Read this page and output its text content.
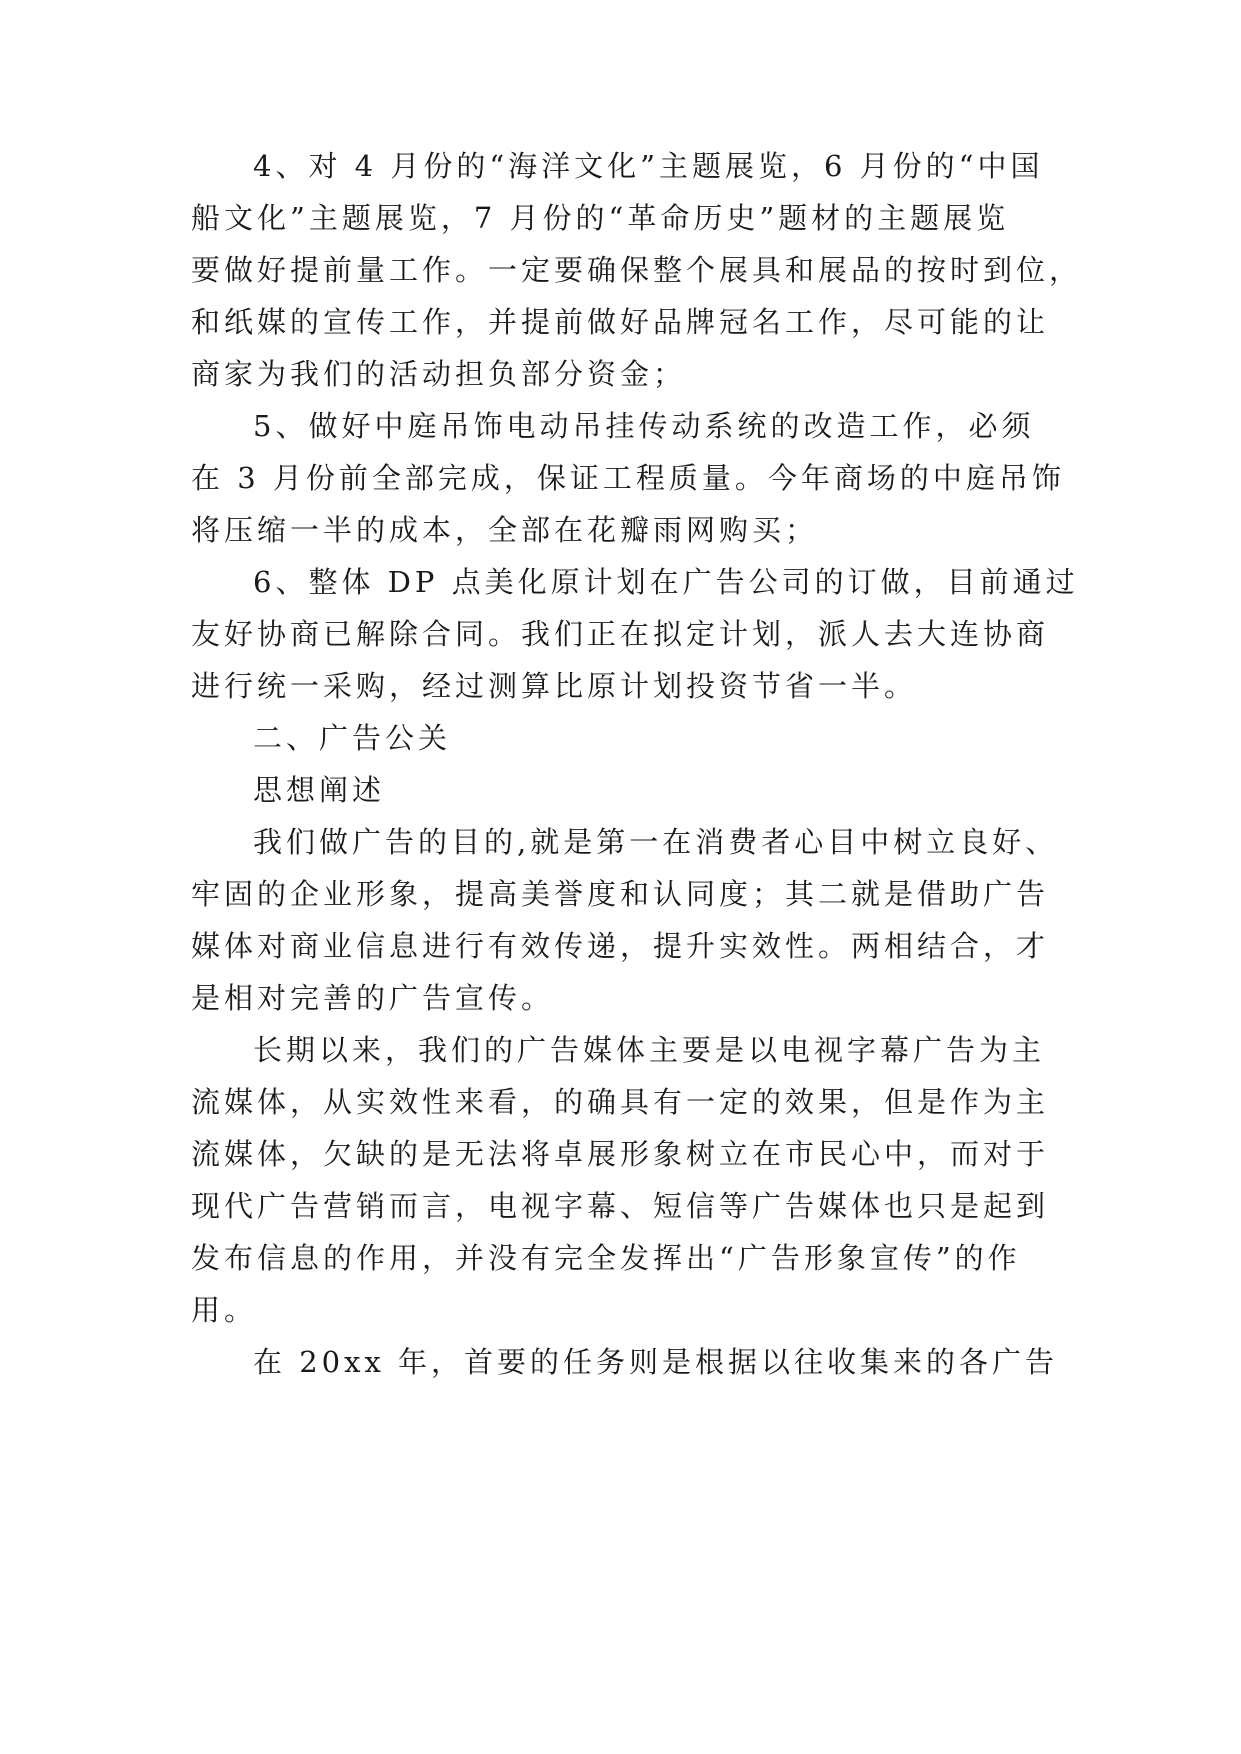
4、对 4 月份的“海洋文化”主题展览，6 月份的“中国
船文化”主题展览，7 月份的“革命历史”题材的主题展览
要做好提前量工作。一定要确保整个展具和展品的按时到位，
和纸媒的宣传工作，并提前做好品牌冠名工作，尽可能的让
商家为我们的活动担负部分资金；
5、做好中庭吊饰电动吊挂传动系统的改造工作，必须
在 3 月份前全部完成，保证工程质量。今年商场的中庭吊饰
将压缩一半的成本，全部在花瓣雨网购买；
6、整体 DP 点美化原计划在广告公司的订做，目前通过
友好协商已解除合同。我们正在拟定计划，派人去大连协商
进行统一采购，经过测算比原计划投资节省一半。
二、广告公关
思想阐述
我们做广告的目的,就是第一在消费者心目中树立良好、
牢固的企业形象，提高美誉度和认同度；其二就是借助广告
媒体对商业信息进行有效传递，提升实效性。两相结合，才
是相对完善的广告宣传。
长期以来，我们的广告媒体主要是以电视字幕广告为主
流媒体，从实效性来看，的确具有一定的效果，但是作为主
流媒体，欠缺的是无法将卓展形象树立在市民心中，而对于
现代广告营销而言，电视字幕、短信等广告媒体也只是起到
发布信息的作用，并没有完全发挥出“广告形象宣传”的作
用。
在 20xx 年，首要的任务则是根据以往收集来的各广告
